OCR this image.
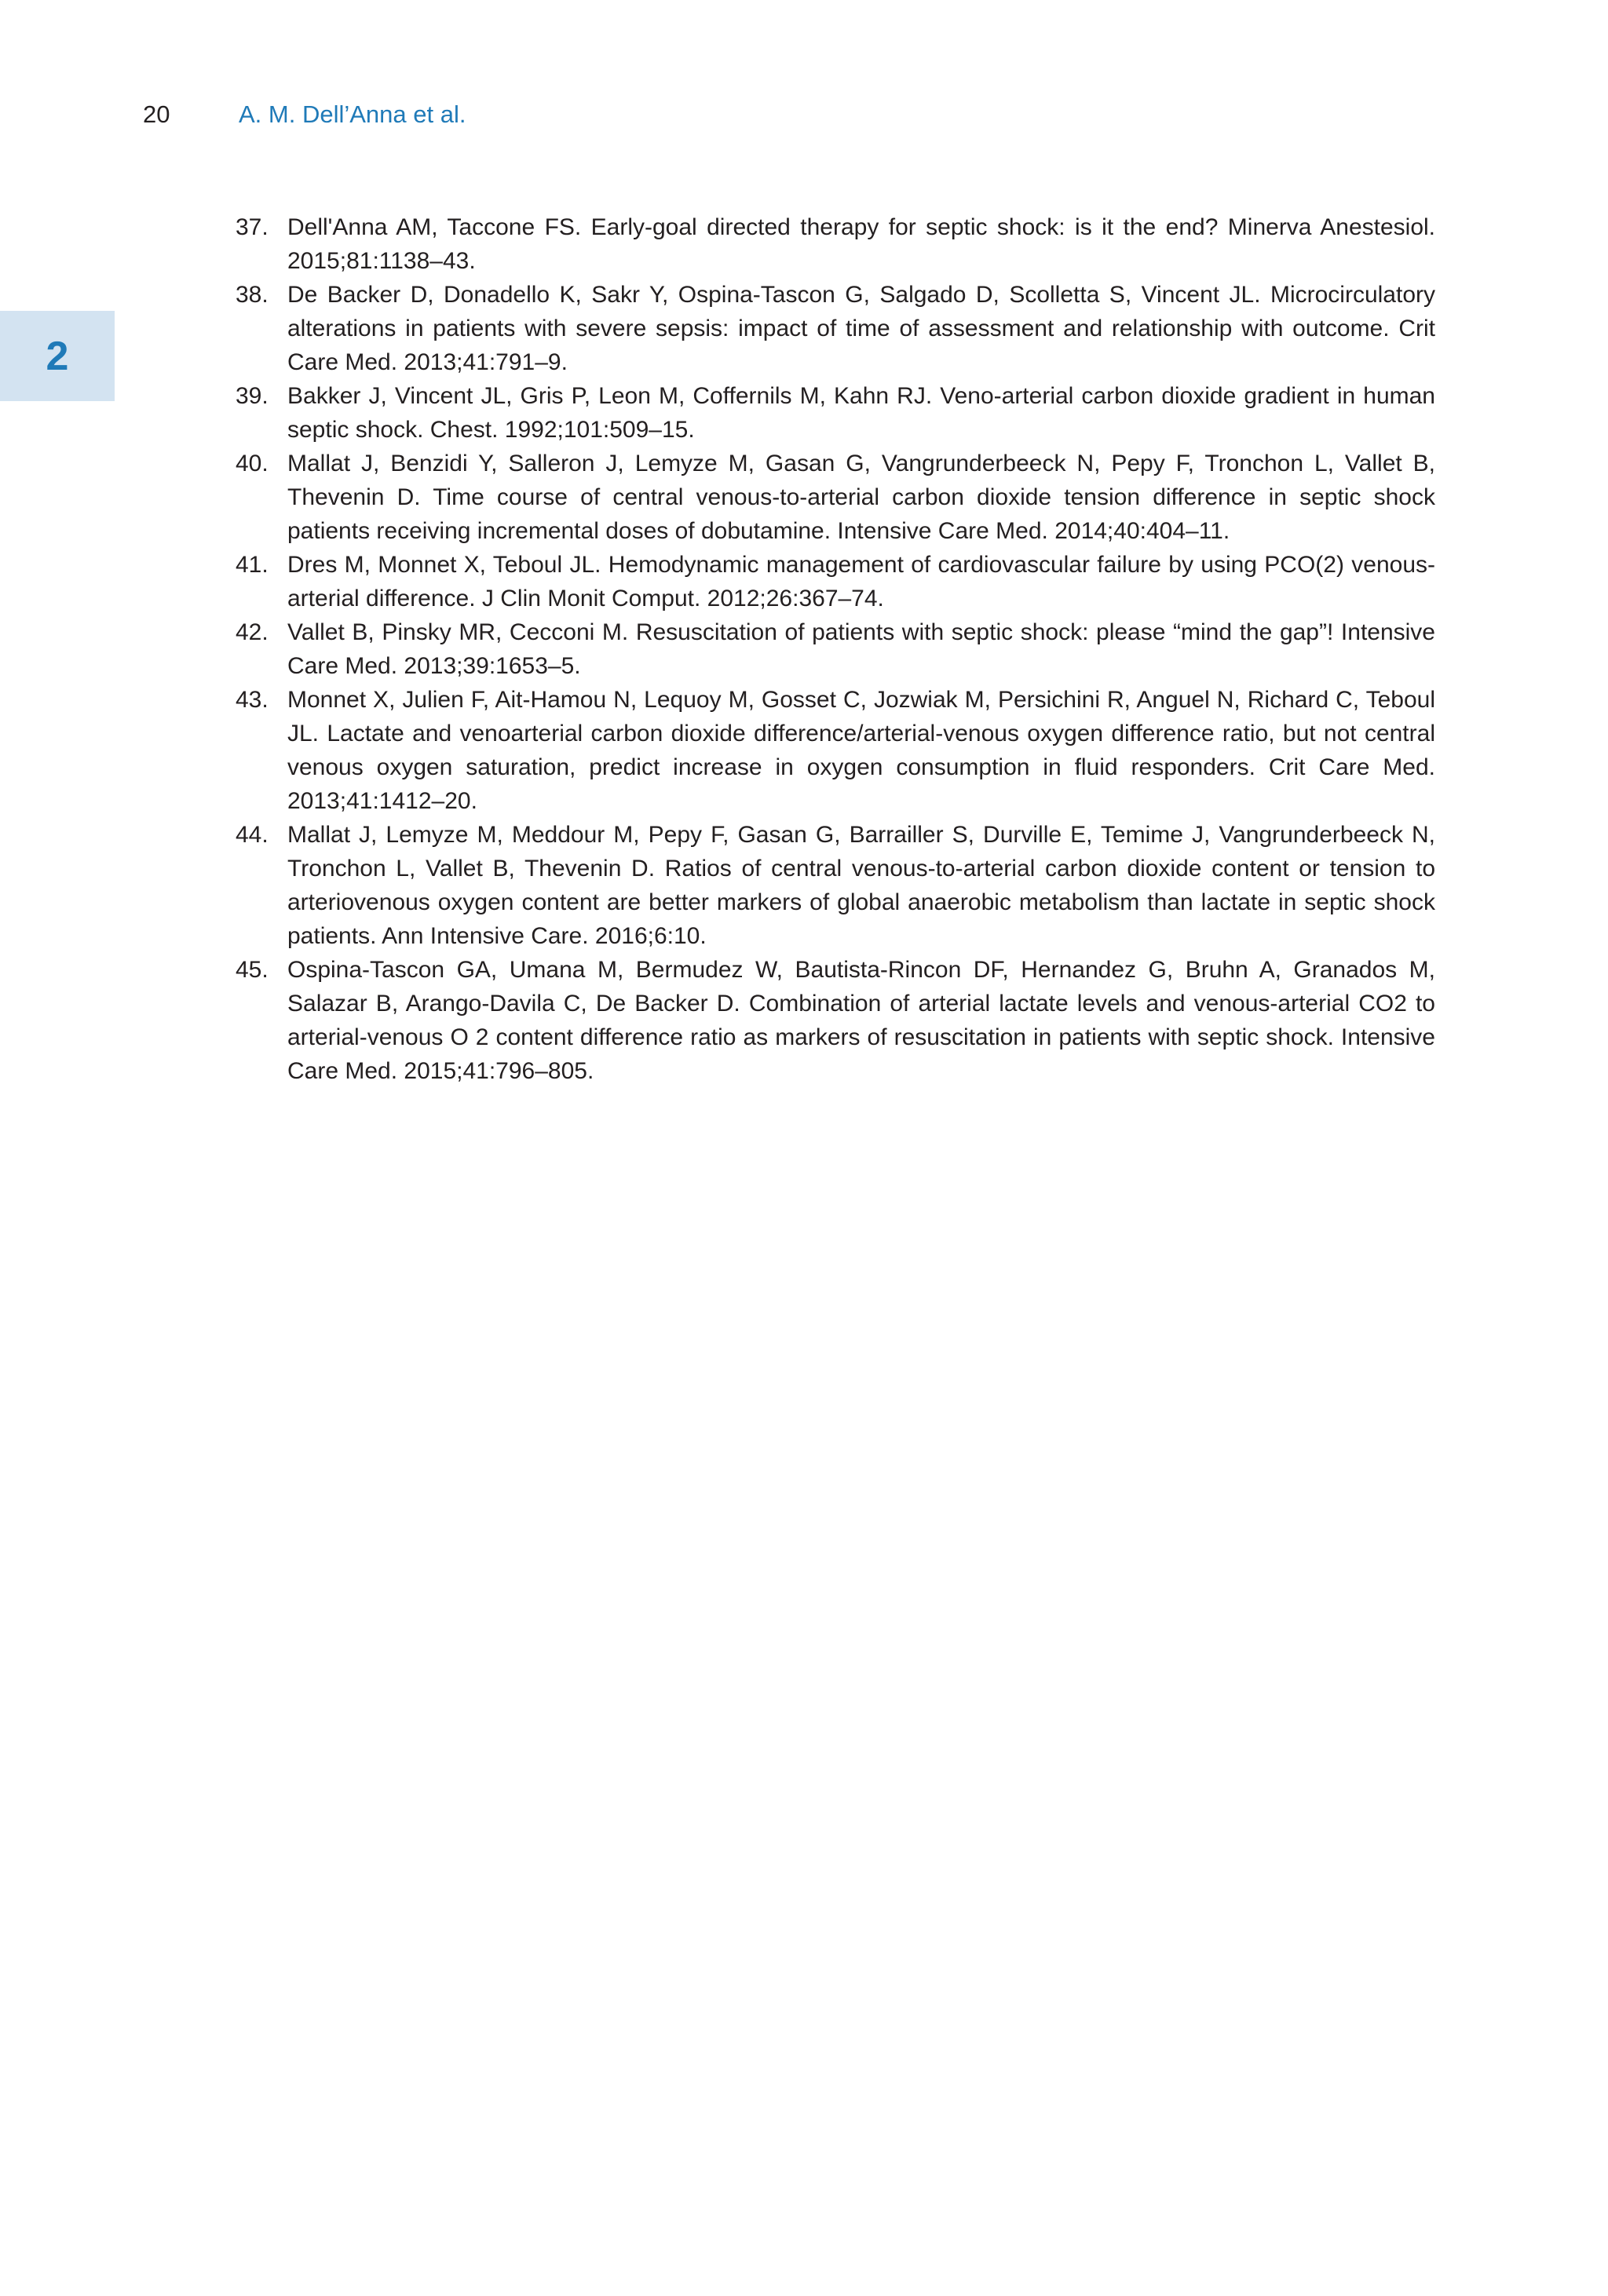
20	A. M. Dell’Anna et al.
2
37. Dell'Anna AM, Taccone FS. Early-goal directed therapy for septic shock: is it the end? Minerva Anestesiol. 2015;81:1138–43.
38. De Backer D, Donadello K, Sakr Y, Ospina-Tascon G, Salgado D, Scolletta S, Vincent JL. Microcirculatory alterations in patients with severe sepsis: impact of time of assessment and relationship with outcome. Crit Care Med. 2013;41:791–9.
39. Bakker J, Vincent JL, Gris P, Leon M, Coffernils M, Kahn RJ. Veno-arterial carbon dioxide gradient in human septic shock. Chest. 1992;101:509–15.
40. Mallat J, Benzidi Y, Salleron J, Lemyze M, Gasan G, Vangrunderbeeck N, Pepy F, Tronchon L, Vallet B, Thevenin D. Time course of central venous-to-arterial carbon dioxide tension difference in septic shock patients receiving incremental doses of dobutamine. Intensive Care Med. 2014;40:404–11.
41. Dres M, Monnet X, Teboul JL. Hemodynamic management of cardiovascular failure by using PCO(2) venous-arterial difference. J Clin Monit Comput. 2012;26:367–74.
42. Vallet B, Pinsky MR, Cecconi M. Resuscitation of patients with septic shock: please “mind the gap”! Intensive Care Med. 2013;39:1653–5.
43. Monnet X, Julien F, Ait-Hamou N, Lequoy M, Gosset C, Jozwiak M, Persichini R, Anguel N, Richard C, Teboul JL. Lactate and venoarterial carbon dioxide difference/arterial-venous oxygen difference ratio, but not central venous oxygen saturation, predict increase in oxygen consumption in fluid responders. Crit Care Med. 2013;41:1412–20.
44. Mallat J, Lemyze M, Meddour M, Pepy F, Gasan G, Barrailler S, Durville E, Temime J, Vangrunderbeeck N, Tronchon L, Vallet B, Thevenin D. Ratios of central venous-to-arterial carbon dioxide content or tension to arteriovenous oxygen content are better markers of global anaerobic metabolism than lactate in septic shock patients. Ann Intensive Care. 2016;6:10.
45. Ospina-Tascon GA, Umana M, Bermudez W, Bautista-Rincon DF, Hernandez G, Bruhn A, Granados M, Salazar B, Arango-Davila C, De Backer D. Combination of arterial lactate levels and venous-arterial CO2 to arterial-venous O 2 content difference ratio as markers of resuscitation in patients with septic shock. Intensive Care Med. 2015;41:796–805.
